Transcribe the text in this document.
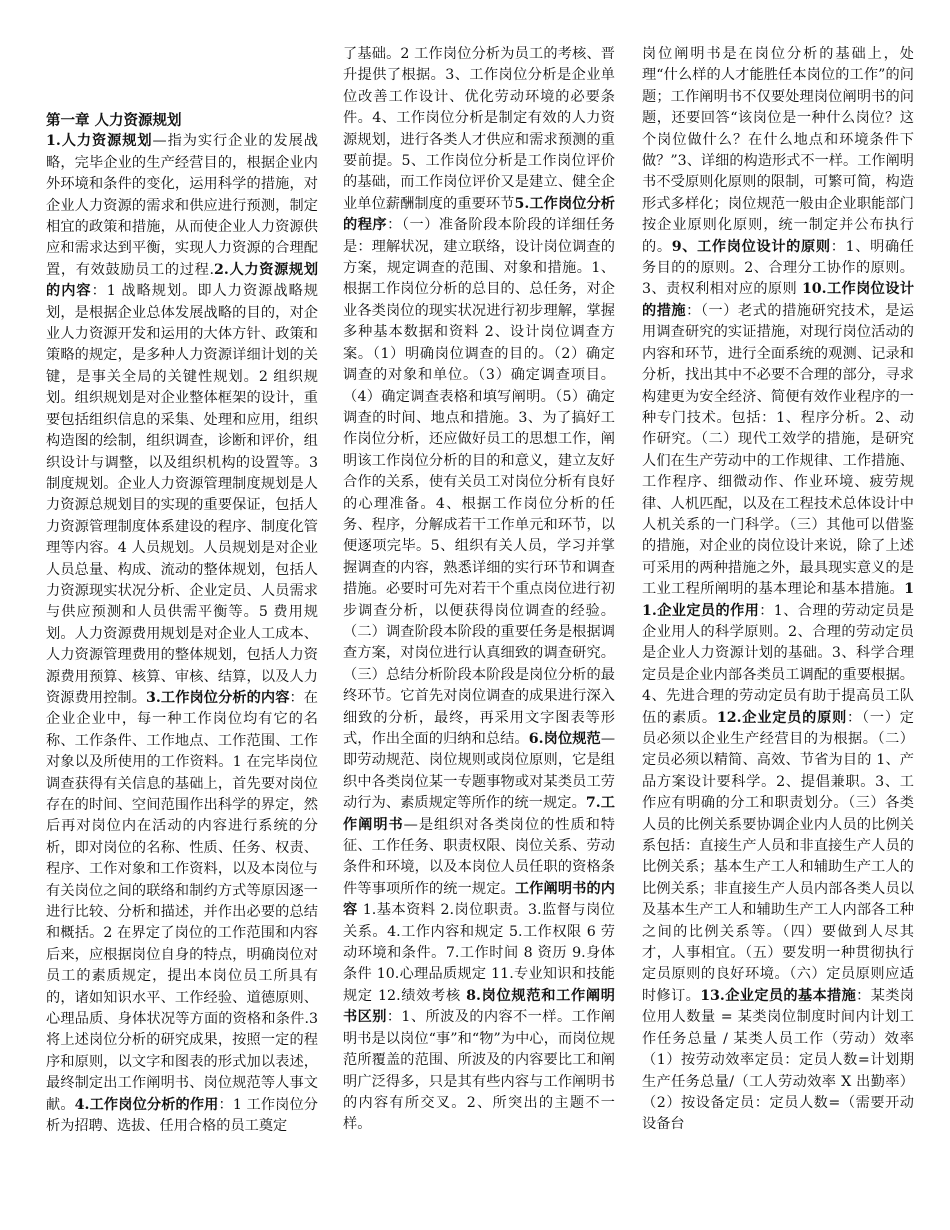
第一章 人力资源规划
1.人力资源规划—指为实行企业的发展战略，完毕企业的生产经营目的，根据企业内外环境和条件的变化，运用科学的措施，对企业人力资源的需求和供应进行预测，制定相宜的政策和措施，从而使企业人力资源供应和需求达到平衡，实现人力资源的合理配置，有效鼓励员工的过程.2.人力资源规划的内容：1 战略规划。即人力资源战略规划，是根据企业总体发展战略的目的，对企业人力资源开发和运用的大体方针、政策和策略的规定，是多种人力资源详细计划的关键，是事关全局的关键性规划。2 组织规划。组织规划是对企业整体框架的设计，重要包括组织信息的采集、处理和应用，组织构造图的绘制，组织调查，诊断和评价，组织设计与调整，以及组织机构的设置等。3 制度规划。企业人力资源管理制度规划是人力资源总规划目的实现的重要保证，包括人力资源管理制度体系建设的程序、制度化管理等内容。4 人员规划。人员规划是对企业人员总量、构成、流动的整体规划，包括人力资源现实状况分析、企业定员、人员需求与供应预测和人员供需平衡等。5 费用规划。人力资源费用规划是对企业人工成本、人力资源管理费用的整体规划，包括人力资源费用预算、核算、审核、结算，以及人力资源费用控制。3.工作岗位分析的内容：在企业企业中，每一种工作岗位均有它的名称、工作条件、工作地点、工作范围、工作对象以及所使用的工作资料。1 在完毕岗位调查获得有关信息的基础上，首先要对岗位存在的时间、空间范围作出科学的界定，然后再对岗位内在活动的内容进行系统的分析，即对岗位的名称、性质、任务、权责、程序、工作对象和工作资料，以及本岗位与有关岗位之间的联络和制约方式等原因逐一进行比较、分析和描述，并作出必要的总结和概括。2 在界定了岗位的工作范围和内容后来，应根据岗位自身的特点，明确岗位对员工的素质规定，提出本岗位员工所具有的，诸如知识水平、工作经验、道德原则、心理品质、身体状况等方面的资格和条件.3 将上述岗位分析的研究成果，按照一定的程序和原则，以文字和图表的形式加以表述，最终制定出工作阐明书、岗位规范等人事文献。4.工作岗位分析的作用：1 工作岗位分析为招聘、选拔、任用合格的员工奠定
了基础。2 工作岗位分析为员工的考核、晋升提供了根据。3、工作岗位分析是企业单位改善工作设计、优化劳动环境的必要条件。4、工作岗位分析是制定有效的人力资源规划，进行各类人才供应和需求预测的重要前提。5、工作岗位分析是工作岗位评价的基础，而工作岗位评价又是建立、健全企业单位薪酬制度的重要环节5.工作岗位分析的程序：（一）准备阶段本阶段的详细任务是：理解状况，建立联络，设计岗位调查的方案，规定调查的范围、对象和措施。1、根据工作岗位分析的总目的、总任务，对企业各类岗位的现实状况进行初步理解，掌握多种基本数据和资料 2、设计岗位调查方案。（1）明确岗位调查的目的。（2）确定调查的对象和单位。（3）确定调查项目。（4）确定调查表格和填写阐明。（5）确定调查的时间、地点和措施。3、为了搞好工作岗位分析，还应做好员工的思想工作，阐明该工作岗位分析的目的和意义，建立友好合作的关系，使有关员工对岗位分析有良好的心理准备。4、根据工作岗位分析的任务、程序，分解成若干工作单元和环节，以便逐项完毕。5、组织有关人员，学习并掌握调查的内容，熟悉详细的实行环节和调查措施。必要时可先对若干个重点岗位进行初步调查分析，以便获得岗位调查的经验。（二）调查阶段本阶段的重要任务是根据调查方案，对岗位进行认真细致的调查研究。（三）总结分析阶段本阶段是岗位分析的最终环节。它首先对岗位调查的成果进行深入细致的分析，最终，再采用文字图表等形式，作出全面的归纳和总结。6.岗位规范—即劳动规范、岗位规则或岗位原则，它是组织中各类岗位某一专题事物或对某类员工劳动行为、素质规定等所作的统一规定。7.工作阐明书—是组织对各类岗位的性质和特征、工作任务、职责权限、岗位关系、劳动条件和环境，以及本岗位人员任职的资格条件等事项所作的统一规定。工作阐明书的内容 1.基本资料 2.岗位职责。3.监督与岗位关系。4.工作内容和规定 5.工作权限 6 劳动环境和条件。7.工作时间 8 资历 9.身体条件 10.心理品质规定 11.专业知识和技能规定 12.绩效考核 8.岗位规范和工作阐明书区别：1、所波及的内容不一样。工作阐明书是以岗位“事”和“物”为中心，而岗位规范所覆盖的范围、所波及的内容要比工和阐明广泛得多，只是其有些内容与工作阐明书的内容有所交叉。2、所突出的主题不一样。
岗位阐明书是在岗位分析的基础上，处理“什么样的人才能胜任本岗位的工作”的问题；工作阐明书不仅要处理岗位阐明书的问题，还要回答“该岗位是一种什么岗位？这个岗位做什么？在什么地点和环境条件下做？”3、详细的构造形式不一样。工作阐明书不受原则化原则的限制，可繁可简，构造形式多样化；岗位规范一般由企业职能部门按企业原则化原则，统一制定并公布执行的。9、工作岗位设计的原则：1、明确任务目的的原则。2、合理分工协作的原则。3、责权利相对应的原则 10.工作岗位设计的措施：（一）老式的措施研究技术，是运用调查研究的实证措施，对现行岗位活动的内容和环节，进行全面系统的观测、记录和分析，找出其中不必要不合理的部分，寻求构建更为安全经济、简便有效作业程序的一种专门技术。包括：1、程序分析。2、动作研究。（二）现代工效学的措施，是研究人们在生产劳动中的工作规律、工作措施、工作程序、细微动作、作业环境、疲劳规律、人机匹配，以及在工程技术总体设计中人机关系的一门科学。（三）其他可以借鉴的措施，对企业的岗位设计来说，除了上述可采用的两种措施之外，最具现实意义的是工业工程所阐明的基本理论和基本措施。11.企业定员的作用：1、合理的劳动定员是企业用人的科学原则。2、合理的劳动定员是企业人力资源计划的基础。3、科学合理定员是企业内部各类员工调配的重要根据。4、先进合理的劳动定员有助于提高员工队伍的素质。12.企业定员的原则：（一）定员必须以企业生产经营目的为根据。（二）定员必须以精简、高效、节省为目的 1、产品方案设计要科学。2、提倡兼职。3、工作应有明确的分工和职责划分。（三）各类人员的比例关系要协调企业内人员的比例关系包括：直接生产人员和非直接生产人员的比例关系；基本生产工人和辅助生产工人的比例关系；非直接生产人员内部各类人员以及基本生产工人和辅助生产工人内部各工种之间的比例关系等。（四）要做到人尽其才，人事相宜。（五）要发明一种贯彻执行定员原则的良好环境。（六）定员原则应适时修订。13.企业定员的基本措施：某类岗位用人数量 = 某类岗位制度时间内计划工作任务总量 / 某类人员工作（劳动）效率（1）按劳动效率定员：定员人数=计划期生产任务总量/（工人劳动效率 X 出勤率）（2）按设备定员：定员人数=（需要开动设备台
